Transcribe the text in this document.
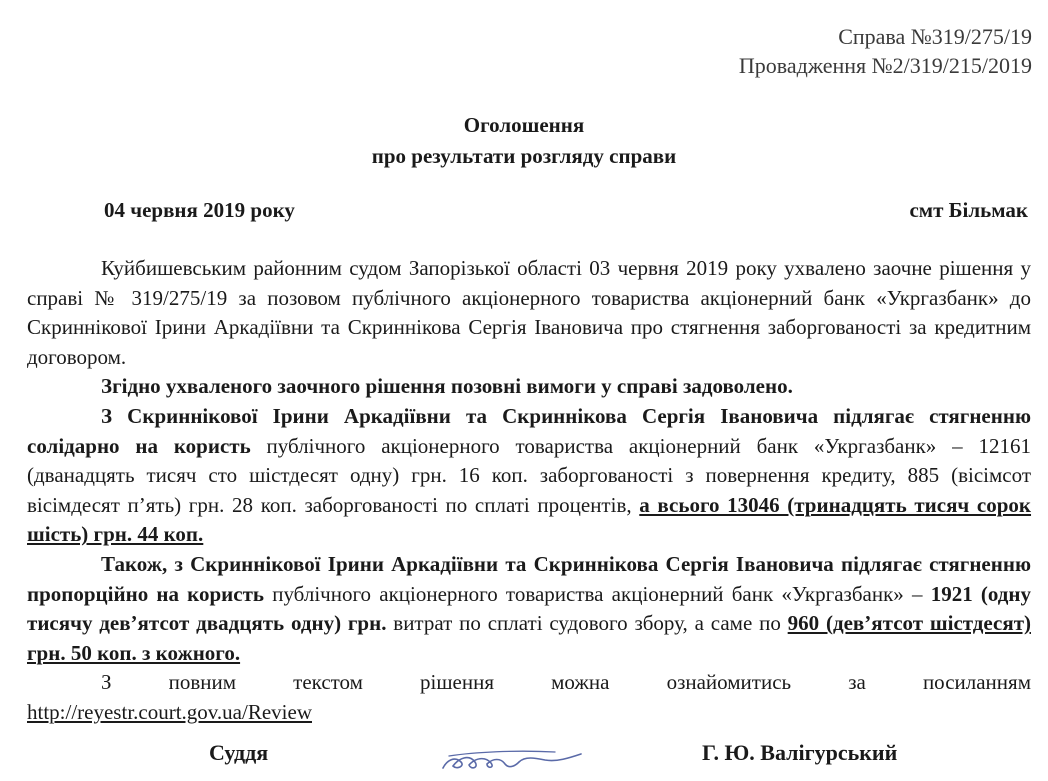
Справа №319/275/19
Провадження №2/319/215/2019
Оголошення
про результати розгляду справи
04 червня 2019 року	смт Більмак

Куйбишевським районним судом Запорізької області 03 червня 2019 року ухвалено заочне рішення у справі № 319/275/19 за позовом публічного акціонерного товариства акціонерний банк «Укргазбанк» до Скриннікової Ірини Аркадіївни та Скриннікова Сергія Івановича про стягнення заборгованості за кредитним договором.

Згідно ухваленого заочного рішення позовні вимоги у справі задоволено.

З Скриннікової Ірини Аркадіївни та Скриннікова Сергія Івановича підлягає стягненню солідарно на користь публічного акціонерного товариства акціонерний банк «Укргазбанк» – 12161 (дванадцять тисяч сто шістдесят одну) грн. 16 коп. заборгованості з повернення кредиту, 885 (вісімсот вісімдесят п’ять) грн. 28 коп. заборгованості по сплаті процентів, а всього 13046 (тринадцять тисяч сорок шість) грн. 44 коп.

Також, з Скриннікової Ірини Аркадіївни та Скриннікова Сергія Івановича підлягає стягненню пропорційно на користь публічного акціонерного товариства акціонерний банк «Укргазбанк» – 1921 (одну тисячу дев’ятсот двадцять одну) грн. витрат по сплаті судового збору, а саме по 960 (дев’ятсот шістдесят) грн. 50 коп. з кожного.

З повним текстом рішення можна ознайомитись за посиланням

http://reyestr.court.gov.ua/Review
Суддя	Г. Ю. Валігурський
